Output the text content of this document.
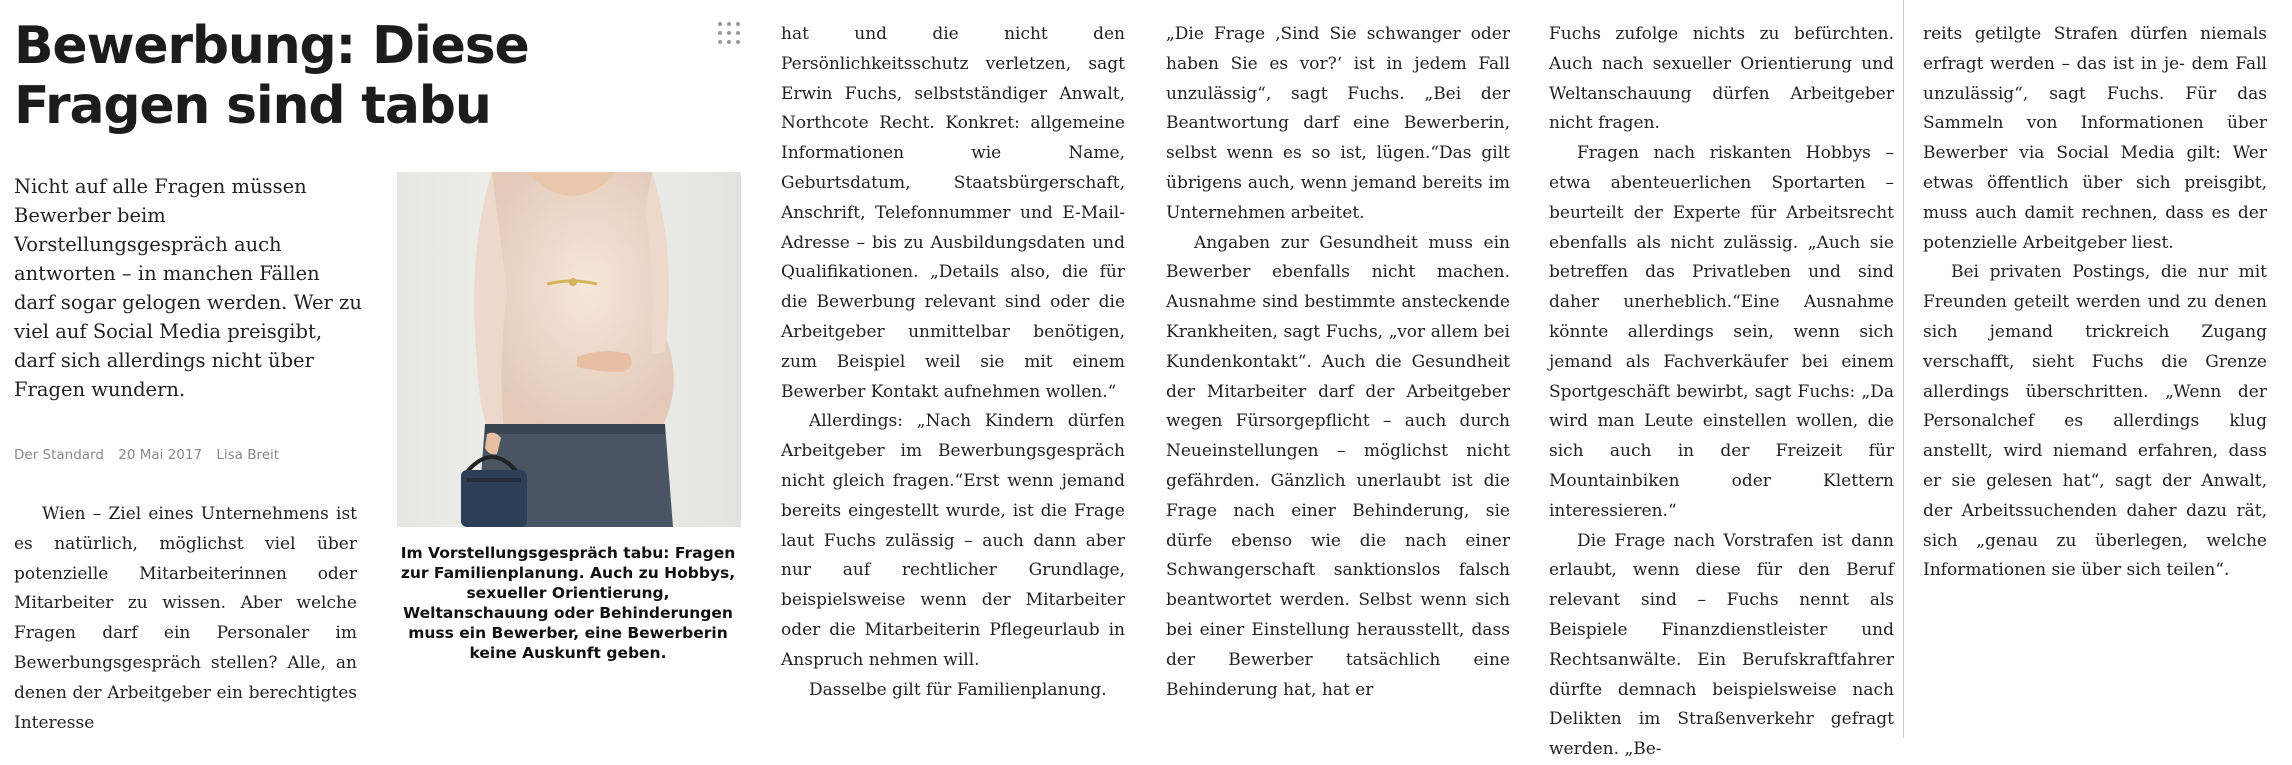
Bewerbung: Diese Fragen sind tabu

Nicht auf alle Fragen müssen Bewerber beim Vorstellungsgespräch auch antworten – in manchen Fällen darf sogar gelogen werden. Wer zu viel auf Social Media preisgibt, darf sich allerdings nicht über Fragen wundern.

Der Standard 20 Mai 2017 Lisa Breit

Im Vorstellungsgespräch tabu: Fragen zur Familienplanung. Auch zu Hobbys, sexueller Orientierung, Weltanschauung oder Behinderungen muss ein Bewerber, eine Bewerberin keine Auskunft geben.

Wien – Ziel eines Unternehmens ist es natürlich, möglichst viel über potenzielle Mitarbeiterinnen oder Mitarbeiter zu wissen. Aber welche Fragen darf ein Personaler im Bewerbungsgespräch stellen? Alle, an denen der Arbeitgeber ein berechtigtes Interesse

hat und die nicht den Persönlichkeitsschutz verletzen, sagt Erwin Fuchs, selbstständiger Anwalt, Northcote Recht. Konkret: allgemeine Informationen wie Name, Geburtsdatum, Staatsbürgerschaft, Anschrift, Telefonnummer und E-Mail-Adresse – bis zu Ausbildungsdaten und Qualifikationen. „Details also, die für die Bewerbung relevant sind oder die Arbeitgeber unmittelbar benötigen, zum Beispiel weil sie mit einem Bewerber Kontakt aufnehmen wollen.“

Allerdings: „Nach Kindern dürfen Arbeitgeber im Bewerbungsgespräch nicht gleich fragen.“Erst wenn jemand bereits eingestellt wurde, ist die Frage laut Fuchs zulässig – auch dann aber nur auf rechtlicher Grundlage, beispielsweise wenn der Mitarbeiter oder die Mitarbeiterin Pflegeurlaub in Anspruch nehmen will.

Dasselbe gilt für Familienplanung.

„Die Frage ‚Sind Sie schwanger oder haben Sie es vor?‘ ist in jedem Fall unzulässig“, sagt Fuchs. „Bei der Beantwortung darf eine Bewerberin, selbst wenn es so ist, lügen.“Das gilt übrigens auch, wenn jemand bereits im Unternehmen arbeitet.

Angaben zur Gesundheit muss ein Bewerber ebenfalls nicht machen. Ausnahme sind bestimmte ansteckende Krankheiten, sagt Fuchs, „vor allem bei Kundenkontakt“. Auch die Gesundheit der Mitarbeiter darf der Arbeitgeber wegen Fürsorgepflicht – auch durch Neueinstellungen – möglichst nicht gefährden. Gänzlich unerlaubt ist die Frage nach einer Behinderung, sie dürfe ebenso wie die nach einer Schwangerschaft sanktionslos falsch beantwortet werden. Selbst wenn sich bei einer Einstellung herausstellt, dass der Bewerber tatsächlich eine Behinderung hat, hat er

Fuchs zufolge nichts zu befürchten. Auch nach sexueller Orientierung und Weltanschauung dürfen Arbeitgeber nicht fragen.

Fragen nach riskanten Hobbys – etwa abenteuerlichen Sportarten – beurteilt der Experte für Arbeitsrecht ebenfalls als nicht zulässig. „Auch sie betreffen das Privatleben und sind daher unerheblich.“Eine Ausnahme könnte allerdings sein, wenn sich jemand als Fachverkäufer bei einem Sportgeschäft bewirbt, sagt Fuchs: „Da wird man Leute einstellen wollen, die sich auch in der Freizeit für Mountainbiken oder Klettern interessieren.“

Die Frage nach Vorstrafen ist dann erlaubt, wenn diese für den Beruf relevant sind – Fuchs nennt als Beispiele Finanzdienstleister und Rechtsanwälte. Ein Berufskraftfahrer dürfte demnach beispielsweise nach Delikten im Straßenverkehr gefragt werden. „Be-

reits getilgte Strafen dürfen niemals erfragt werden – das ist in je- dem Fall unzulässig“, sagt Fuchs. Für das Sammeln von Informationen über Bewerber via Social Media gilt: Wer etwas öffentlich über sich preisgibt, muss auch damit rechnen, dass es der potenzielle Arbeitgeber liest.

Bei privaten Postings, die nur mit Freunden geteilt werden und zu denen sich jemand trickreich Zugang verschafft, sieht Fuchs die Grenze allerdings überschritten. „Wenn der Personalchef es allerdings klug anstellt, wird niemand erfahren, dass er sie gelesen hat“, sagt der Anwalt, der Arbeitssuchenden daher dazu rät, sich „genau zu überlegen, welche Informationen sie über sich teilen“.
